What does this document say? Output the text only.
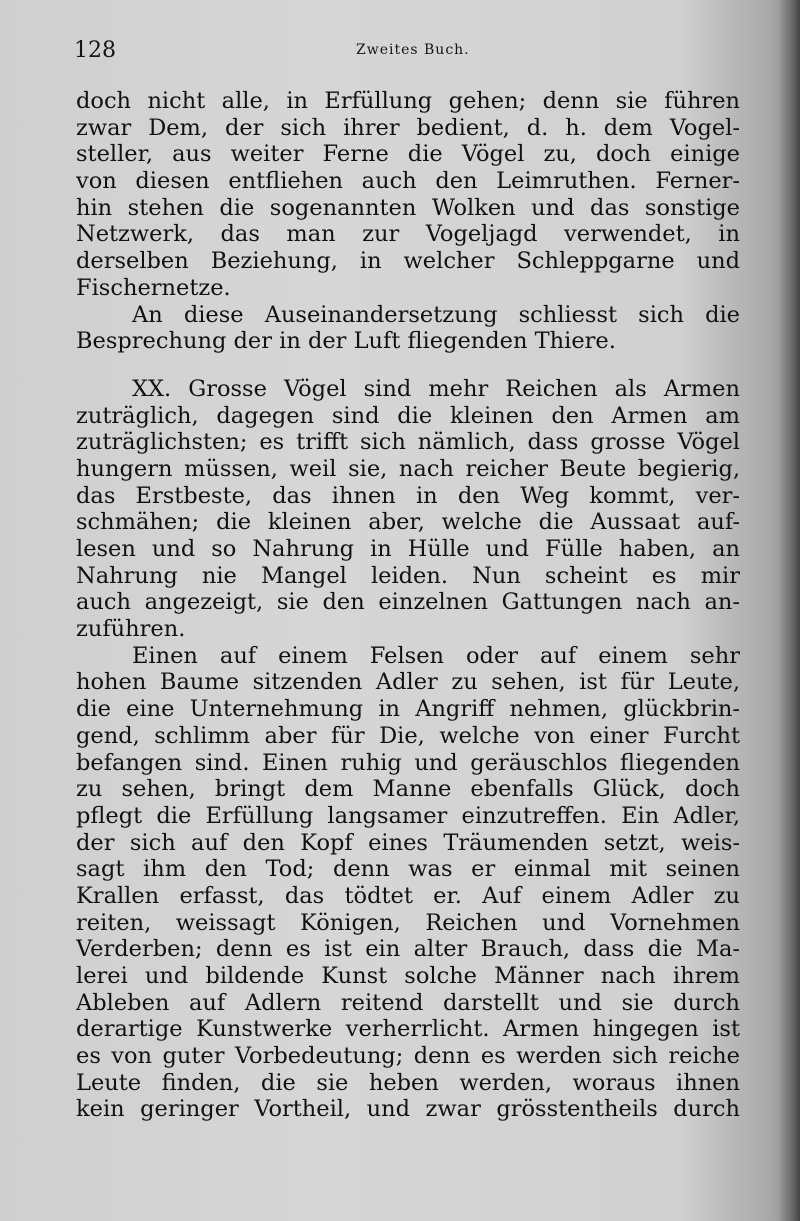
128	Zweites Buch.
doch nicht alle, in Erfüllung gehen; denn sie führen
zwar Dem, der sich ihrer bedient, d. h. dem Vogel-
steller, aus weiter Ferne die Vögel zu, doch einige
von diesen entfliehen auch den Leimruthen. Ferner-
hin stehen die sogenannten Wolken und das sonstige
Netzwerk, das man zur Vogeljagd verwendet, in
derselben Beziehung, in welcher Schleppgarne und
Fischernetze.
An diese Auseinandersetzung schliesst sich die
Besprechung der in der Luft fliegenden Thiere.
XX. Grosse Vögel sind mehr Reichen als Armen
zuträglich, dagegen sind die kleinen den Armen am
zuträglichsten; es trifft sich nämlich, dass grosse Vögel
hungern müssen, weil sie, nach reicher Beute begierig,
das Erstbeste, das ihnen in den Weg kommt, ver-
schmähen; die kleinen aber, welche die Aussaat auf-
lesen und so Nahrung in Hülle und Fülle haben, an
Nahrung nie Mangel leiden. Nun scheint es mir
auch angezeigt, sie den einzelnen Gattungen nach an-
zuführen.
Einen auf einem Felsen oder auf einem sehr
hohen Baume sitzenden Adler zu sehen, ist für Leute,
die eine Unternehmung in Angriff nehmen, glückbrin-
gend, schlimm aber für Die, welche von einer Furcht
befangen sind. Einen ruhig und geräuschlos fliegenden
zu sehen, bringt dem Manne ebenfalls Glück, doch
pflegt die Erfüllung langsamer einzutreffen. Ein Adler,
der sich auf den Kopf eines Träumenden setzt, weis-
sagt ihm den Tod; denn was er einmal mit seinen
Krallen erfasst, das tödtet er. Auf einem Adler zu
reiten, weissagt Königen, Reichen und Vornehmen
Verderben; denn es ist ein alter Brauch, dass die Ma-
lerei und bildende Kunst solche Männer nach ihrem
Ableben auf Adlern reitend darstellt und sie durch
derartige Kunstwerke verherrlicht. Armen hingegen ist
es von guter Vorbedeutung; denn es werden sich reiche
Leute finden, die sie heben werden, woraus ihnen
kein geringer Vortheil, und zwar grösstentheils durch
